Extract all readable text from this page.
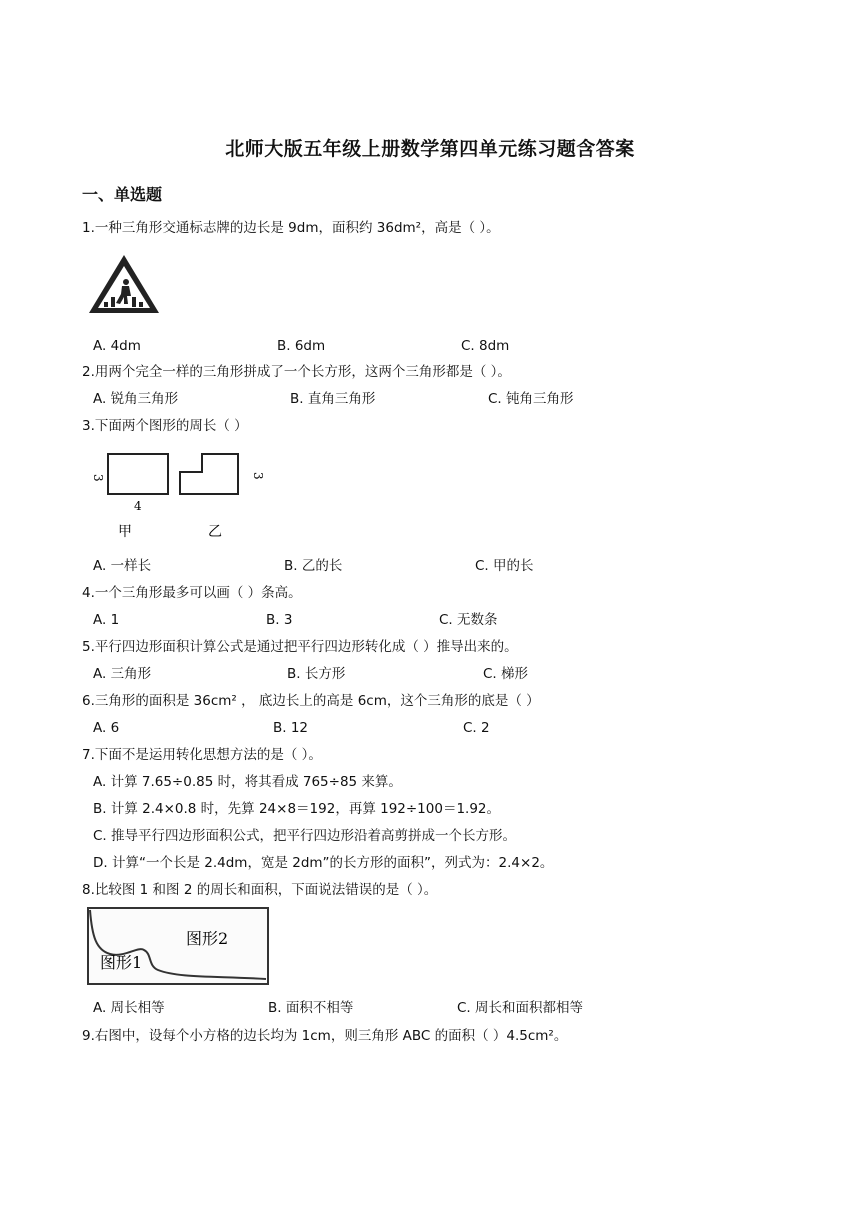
北师大版五年级上册数学第四单元练习题含答案
一、单选题
1.一种三角形交通标志牌的边长是 9dm，面积约 36dm²，高是（ ）。
A. 4dm	B. 6dm	C. 8dm
2.用两个完全一样的三角形拼成了一个长方形，这两个三角形都是（ ）。
A. 锐角三角形	B. 直角三角形	C. 钝角三角形
3.下面两个图形的周长（ ）
3
4
3
甲	乙
A. 一样长	B. 乙的长	C. 甲的长
4.一个三角形最多可以画（ ）条高。
A. 1	B. 3	C. 无数条
5.平行四边形面积计算公式是通过把平行四边形转化成（ ）推导出来的。
A. 三角形	B. 长方形	C. 梯形
6.三角形的面积是 36cm² ， 底边长上的高是 6cm，这个三角形的底是（ ）
A. 6	B. 12	C. 2
7.下面不是运用转化思想方法的是（ ）。
A. 计算 7.65÷0.85 时，将其看成 765÷85 来算。
B. 计算 2.4×0.8 时，先算 24×8＝192，再算 192÷100＝1.92。
C. 推导平行四边形面积公式，把平行四边形沿着高剪拼成一个长方形。
D. 计算“一个长是 2.4dm，宽是 2dm”的长方形的面积”，列式为：2.4×2。
8.比较图 1 和图 2 的周长和面积，下面说法错误的是（ ）。
图形2
图形1
A. 周长相等	B. 面积不相等	C. 周长和面积都相等
9.右图中，设每个小方格的边长均为 1cm，则三角形 ABC 的面积（ ）4.5cm²。
